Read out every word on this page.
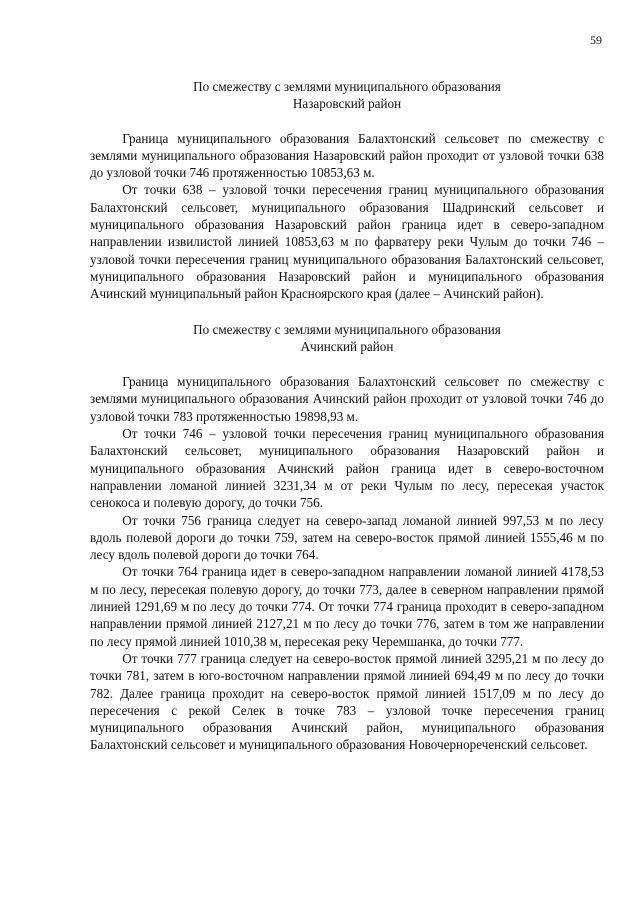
59
По смежеству с землями муниципального образования
Назаровский район

Граница муниципального образования Балахтонский сельсовет по смежеству с землями муниципального образования Назаровский район проходит от узловой точки 638 до узловой точки 746 протяженностью 10853,63 м.

От точки 638 – узловой точки пересечения границ муниципального образования Балахтонский сельсовет, муниципального образования Шадринский сельсовет и муниципального образования Назаровский район граница идет в северо-западном направлении извилистой линией 10853,63 м по фарватеру реки Чулым до точки 746 – узловой точки пересечения границ муниципального образования Балахтонский сельсовет, муниципального образования Назаровский район и муниципального образования Ачинский муниципальный район Красноярского края (далее – Ачинский район).

По смежеству с землями муниципального образования
Ачинский район

Граница муниципального образования Балахтонский сельсовет по смежеству с землями муниципального образования Ачинский район проходит от узловой точки 746 до узловой точки 783 протяженностью 19898,93 м.

От точки 746 – узловой точки пересечения границ муниципального образования Балахтонский сельсовет, муниципального образования Назаровский район и муниципального образования Ачинский район граница идет в северо-восточном направлении ломаной линией 3231,34 м от реки Чулым по лесу, пересекая участок сенокоса и полевую дорогу, до точки 756.

От точки 756 граница следует на северо-запад ломаной линией 997,53 м по лесу вдоль полевой дороги до точки 759, затем на северо-восток прямой линией 1555,46 м по лесу вдоль полевой дороги до точки 764.

От точки 764 граница идет в северо-западном направлении ломаной линией 4178,53 м по лесу, пересекая полевую дорогу, до точки 773, далее в северном направлении прямой линией 1291,69 м по лесу до точки 774. От точки 774 граница проходит в северо-западном направлении прямой линией 2127,21 м по лесу до точки 776, затем в том же направлении по лесу прямой линией 1010,38 м, пересекая реку Черемшанка, до точки 777.

От точки 777 граница следует на северо-восток прямой линией 3295,21 м по лесу до точки 781, затем в юго-восточном направлении прямой линией 694,49 м по лесу до точки 782. Далее граница проходит на северо-восток прямой линией 1517,09 м по лесу до пересечения с рекой Селек в точке 783 – узловой точке пересечения границ муниципального образования Ачинский район, муниципального образования Балахтонский сельсовет и муниципального образования Новочернореченский сельсовет.
